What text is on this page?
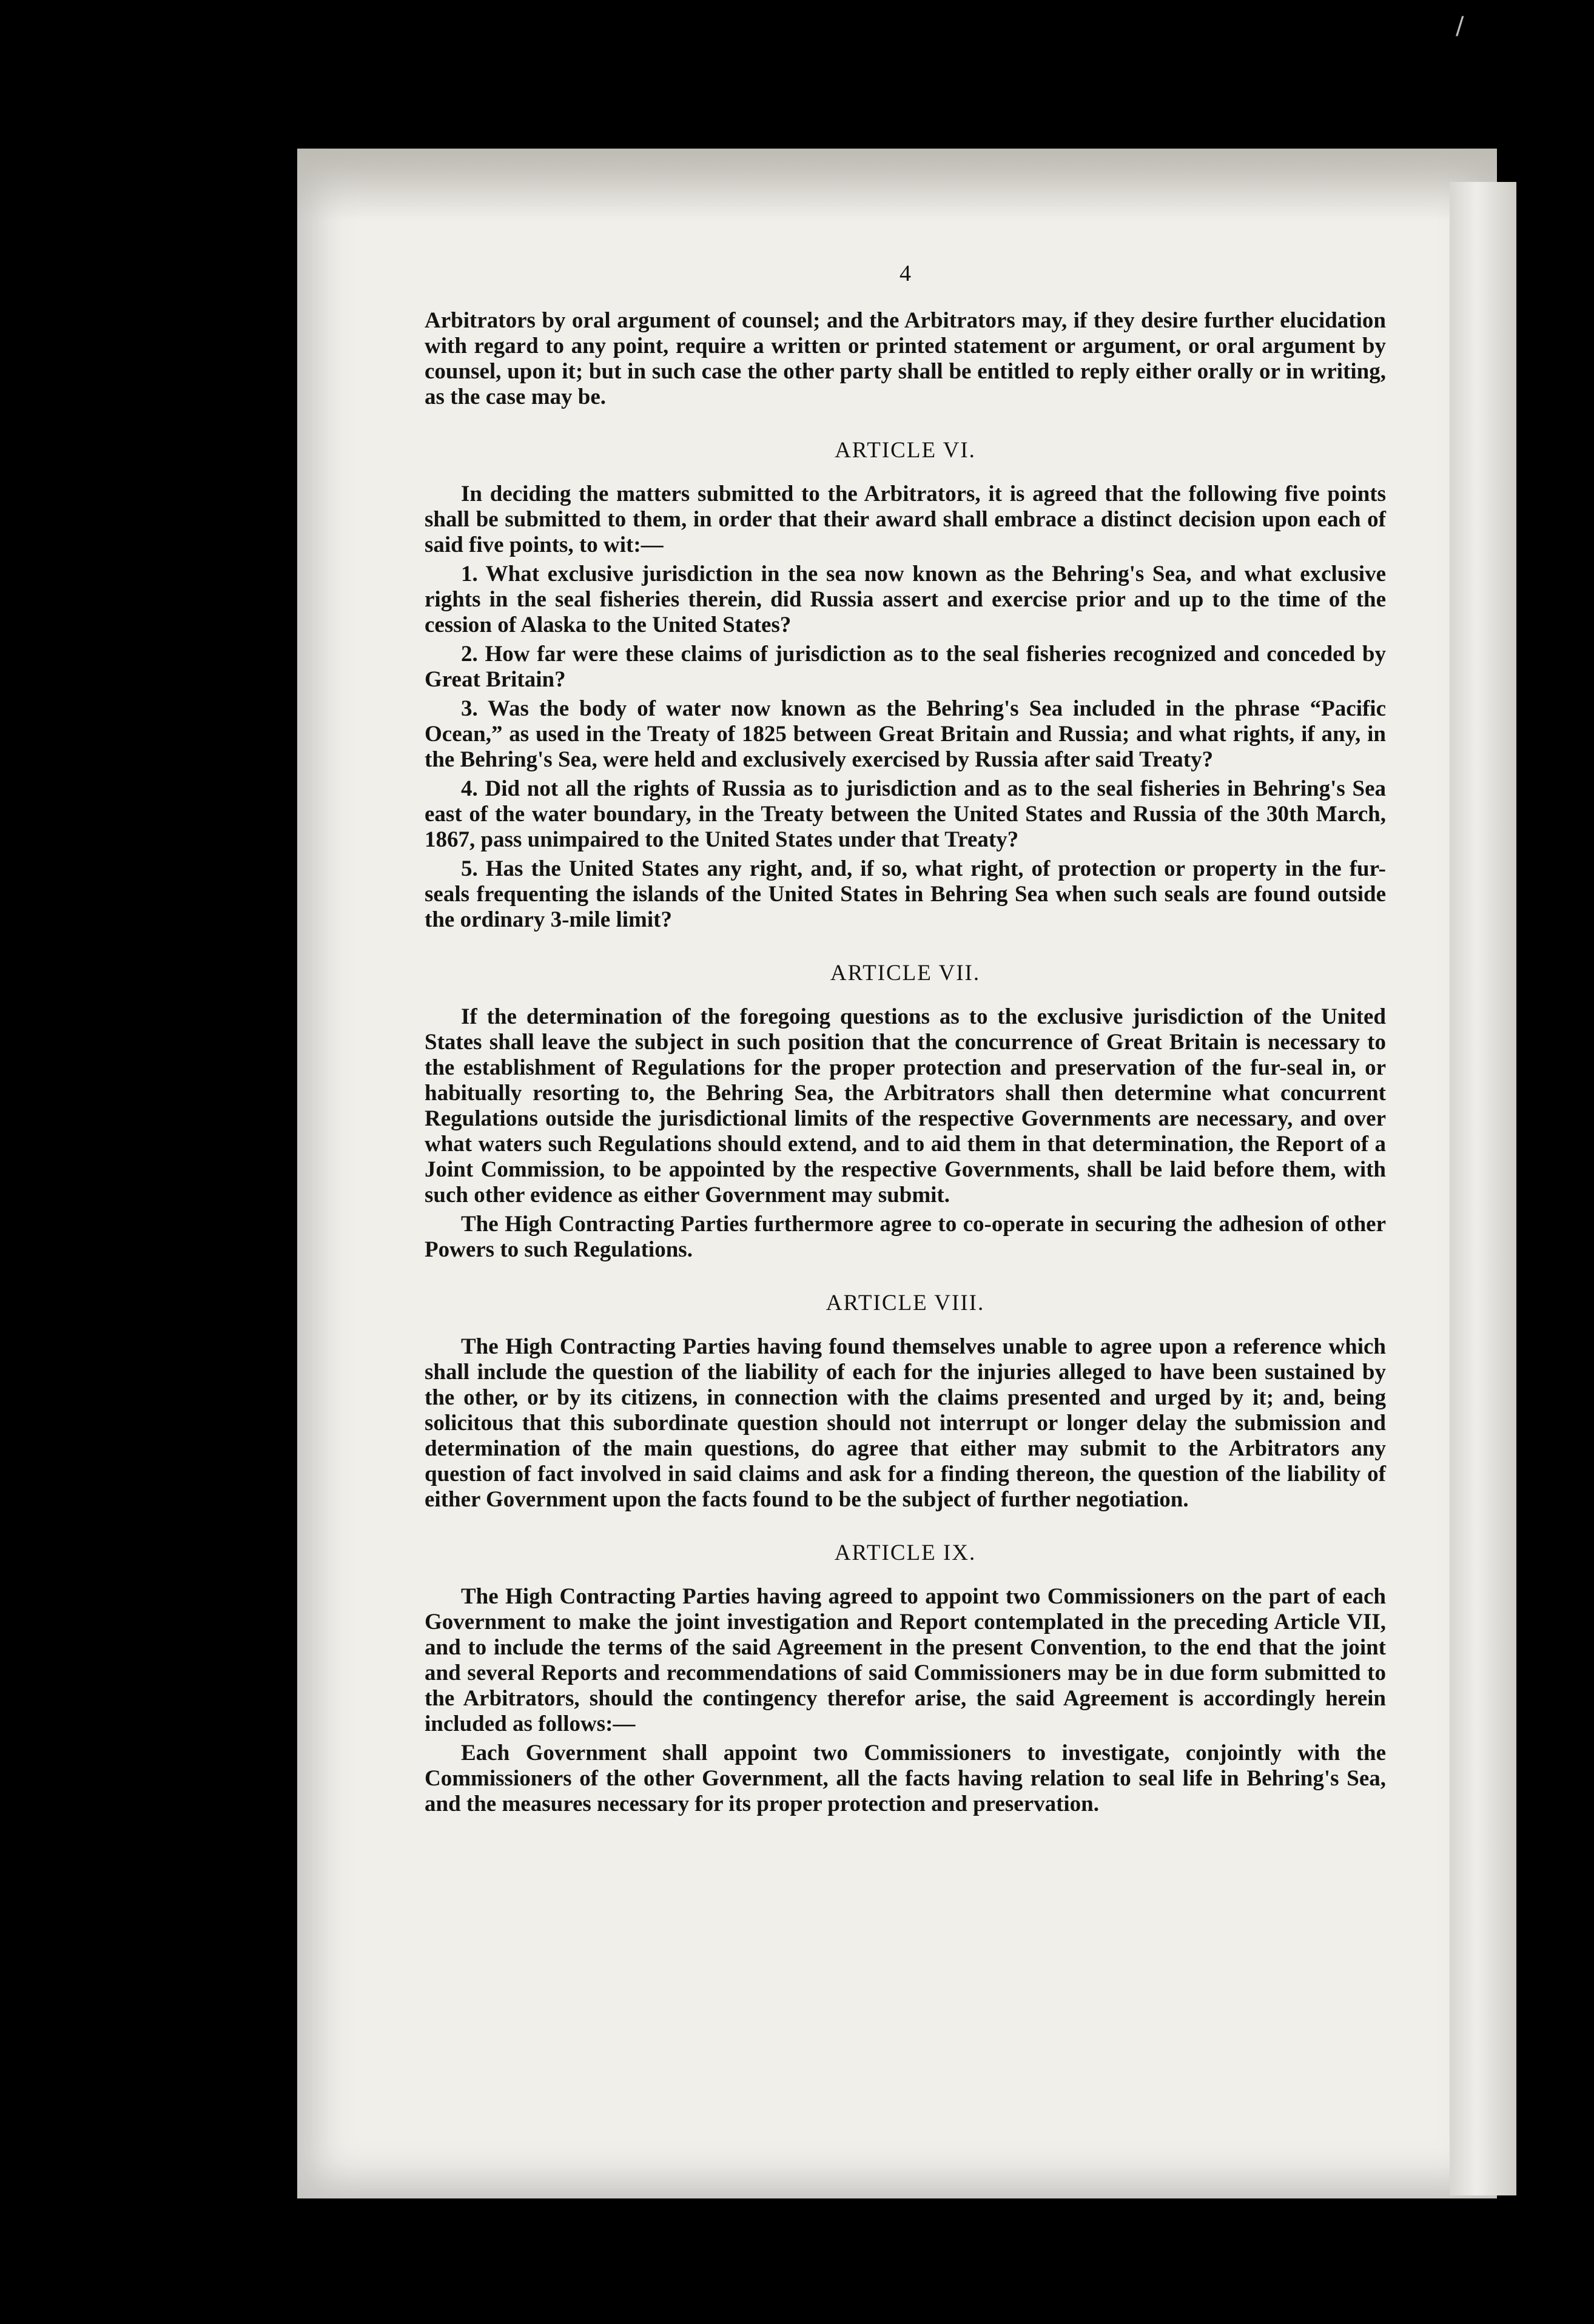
/
4

Arbitrators by oral argument of counsel; and the Arbitrators may, if they desire further elucidation with regard to any point, require a written or printed statement or argument, or oral argument by counsel, upon it; but in such case the other party shall be entitled to reply either orally or in writing, as the case may be.

ARTICLE VI.

In deciding the matters submitted to the Arbitrators, it is agreed that the following five points shall be submitted to them, in order that their award shall embrace a distinct decision upon each of said five points, to wit:—

1. What exclusive jurisdiction in the sea now known as the Behring's Sea, and what exclusive rights in the seal fisheries therein, did Russia assert and exercise prior and up to the time of the cession of Alaska to the United States?

2. How far were these claims of jurisdiction as to the seal fisheries recognized and conceded by Great Britain?

3. Was the body of water now known as the Behring's Sea included in the phrase “Pacific Ocean,” as used in the Treaty of 1825 between Great Britain and Russia; and what rights, if any, in the Behring's Sea, were held and exclusively exercised by Russia after said Treaty?

4. Did not all the rights of Russia as to jurisdiction and as to the seal fisheries in Behring's Sea east of the water boundary, in the Treaty between the United States and Russia of the 30th March, 1867, pass unimpaired to the United States under that Treaty?

5. Has the United States any right, and, if so, what right, of protection or property in the fur-seals frequenting the islands of the United States in Behring Sea when such seals are found outside the ordinary 3-mile limit?

ARTICLE VII.

If the determination of the foregoing questions as to the exclusive jurisdiction of the United States shall leave the subject in such position that the concurrence of Great Britain is necessary to the establishment of Regulations for the proper protection and preservation of the fur-seal in, or habitually resorting to, the Behring Sea, the Arbitrators shall then determine what concurrent Regulations outside the jurisdictional limits of the respective Governments are necessary, and over what waters such Regulations should extend, and to aid them in that determination, the Report of a Joint Commission, to be appointed by the respective Governments, shall be laid before them, with such other evidence as either Government may submit.

The High Contracting Parties furthermore agree to co-operate in securing the adhesion of other Powers to such Regulations.

ARTICLE VIII.

The High Contracting Parties having found themselves unable to agree upon a reference which shall include the question of the liability of each for the injuries alleged to have been sustained by the other, or by its citizens, in connection with the claims presented and urged by it; and, being solicitous that this subordinate question should not interrupt or longer delay the submission and determination of the main questions, do agree that either may submit to the Arbitrators any question of fact involved in said claims and ask for a finding thereon, the question of the liability of either Government upon the facts found to be the subject of further negotiation.

ARTICLE IX.

The High Contracting Parties having agreed to appoint two Commissioners on the part of each Government to make the joint investigation and Report contemplated in the preceding Article VII, and to include the terms of the said Agreement in the present Convention, to the end that the joint and several Reports and recommendations of said Commissioners may be in due form submitted to the Arbitrators, should the contingency therefor arise, the said Agreement is accordingly herein included as follows:—

Each Government shall appoint two Commissioners to investigate, conjointly with the Commissioners of the other Government, all the facts having relation to seal life in Behring's Sea, and the measures necessary for its proper protection and preservation.
